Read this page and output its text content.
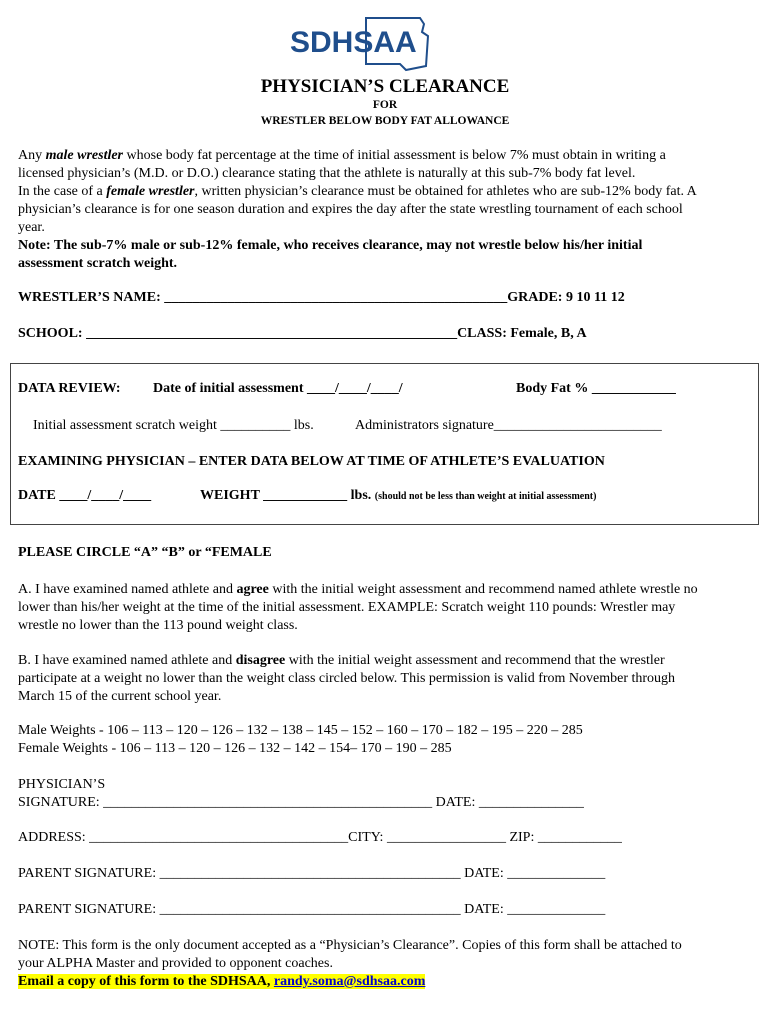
SDHSAA
PHYSICIAN’S CLEARANCE
FOR
WRESTLER BELOW BODY FAT ALLOWANCE
Any male wrestler whose body fat percentage at the time of initial assessment is below 7% must obtain in writing a
licensed physician’s (M.D. or D.O.) clearance stating that the athlete is naturally at this sub-7% body fat level.
In the case of a female wrestler, written physician’s clearance must be obtained for athletes who are sub-12% body fat. A
physician’s clearance is for one season duration and expires the day after the state wrestling tournament of each school
year.
Note: The sub-7% male or sub-12% female, who receives clearance, may not wrestle below his/her initial
assessment scratch weight.
WRESTLER’S NAME: _________________________________________________GRADE: 9 10 11 12
SCHOOL: _____________________________________________________CLASS: Female, B, A
DATA REVIEW: Date of initial assessment ____/____/____/	Body Fat % ____________
Initial assessment scratch weight __________ lbs.	Administrators signature________________________
EXAMINING PHYSICIAN – ENTER DATA BELOW AT TIME OF ATHLETE’S EVALUATION
DATE ____/____/____	WEIGHT ____________ lbs. (should not be less than weight at initial assessment)
PLEASE CIRCLE “A” “B” or “FEMALE
A. I have examined named athlete and agree with the initial weight assessment and recommend named athlete wrestle no
lower than his/her weight at the time of the initial assessment. EXAMPLE: Scratch weight 110 pounds: Wrestler may
wrestle no lower than the 113 pound weight class.
B. I have examined named athlete and disagree with the initial weight assessment and recommend that the wrestler
participate at a weight no lower than the weight class circled below. This permission is valid from November through
March 15 of the current school year.
Male Weights - 106 – 113 – 120 – 126 – 132 – 138 – 145 – 152 – 160 – 170 – 182 – 195 – 220 – 285
Female Weights - 106 – 113 – 120 – 126 – 132 – 142 – 154– 170 – 190 – 285
PHYSICIAN’S
SIGNATURE: _______________________________________________ DATE: _______________
ADDRESS: _____________________________________CITY: _________________ ZIP: ____________
PARENT SIGNATURE: ___________________________________________ DATE: ______________
PARENT SIGNATURE: ___________________________________________ DATE: ______________
NOTE: This form is the only document accepted as a “Physician’s Clearance”. Copies of this form shall be attached to
your ALPHA Master and provided to opponent coaches.
Email a copy of this form to the SDHSAA, randy.soma@sdhsaa.com
